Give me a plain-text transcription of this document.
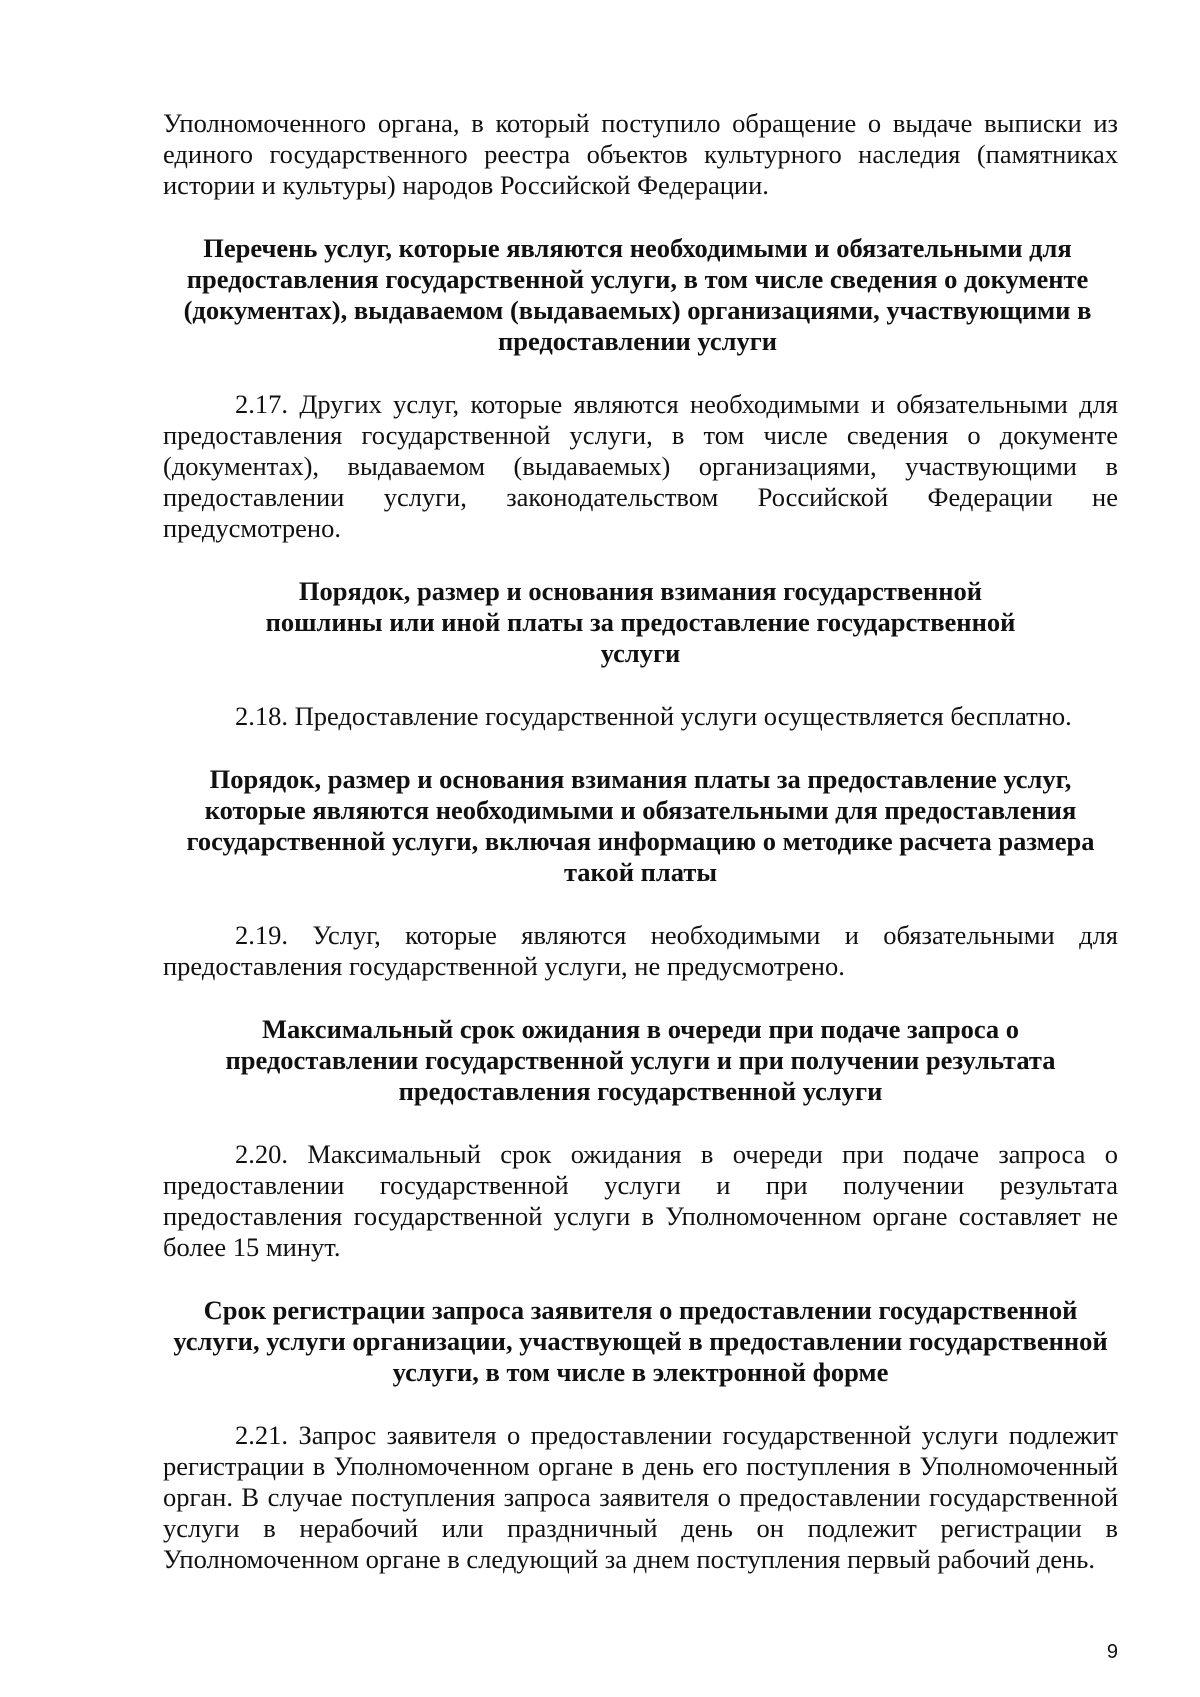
Уполномоченного органа, в который поступило обращение о выдаче выписки из единого государственного реестра объектов культурного наследия (памятниках истории и культуры) народов Российской Федерации.

Перечень услуг, которые являются необходимыми и обязательными для предоставления государственной услуги, в том числе сведения о документе (документах), выдаваемом (выдаваемых) организациями, участвующими в предоставлении услуги

2.17. Других услуг, которые являются необходимыми и обязательными для предоставления государственной услуги, в том числе сведения о документе (документах), выдаваемом (выдаваемых) организациями, участвующими в предоставлении услуги, законодательством Российской Федерации не предусмотрено.

Порядок, размер и основания взимания государственной пошлины или иной платы за предоставление государственной услуги

2.18. Предоставление государственной услуги осуществляется бесплатно.

Порядок, размер и основания взимания платы за предоставление услуг, которые являются необходимыми и обязательными для предоставления государственной услуги, включая информацию о методике расчета размера такой платы

2.19. Услуг, которые являются необходимыми и обязательными для предоставления государственной услуги, не предусмотрено.

Максимальный срок ожидания в очереди при подаче запроса о предоставлении государственной услуги и при получении результата предоставления государственной услуги

2.20. Максимальный срок ожидания в очереди при подаче запроса о предоставлении государственной услуги и при получении результата предоставления государственной услуги в Уполномоченном органе составляет не более 15 минут.

Срок регистрации запроса заявителя о предоставлении государственной услуги, услуги организации, участвующей в предоставлении государственной услуги, в том числе в электронной форме

2.21. Запрос заявителя о предоставлении государственной услуги подлежит регистрации в Уполномоченном органе в день его поступления в Уполномоченный орган. В случае поступления запроса заявителя о предоставлении государственной услуги в нерабочий или праздничный день он подлежит регистрации в Уполномоченном органе в следующий за днем поступления первый рабочий день.

9
